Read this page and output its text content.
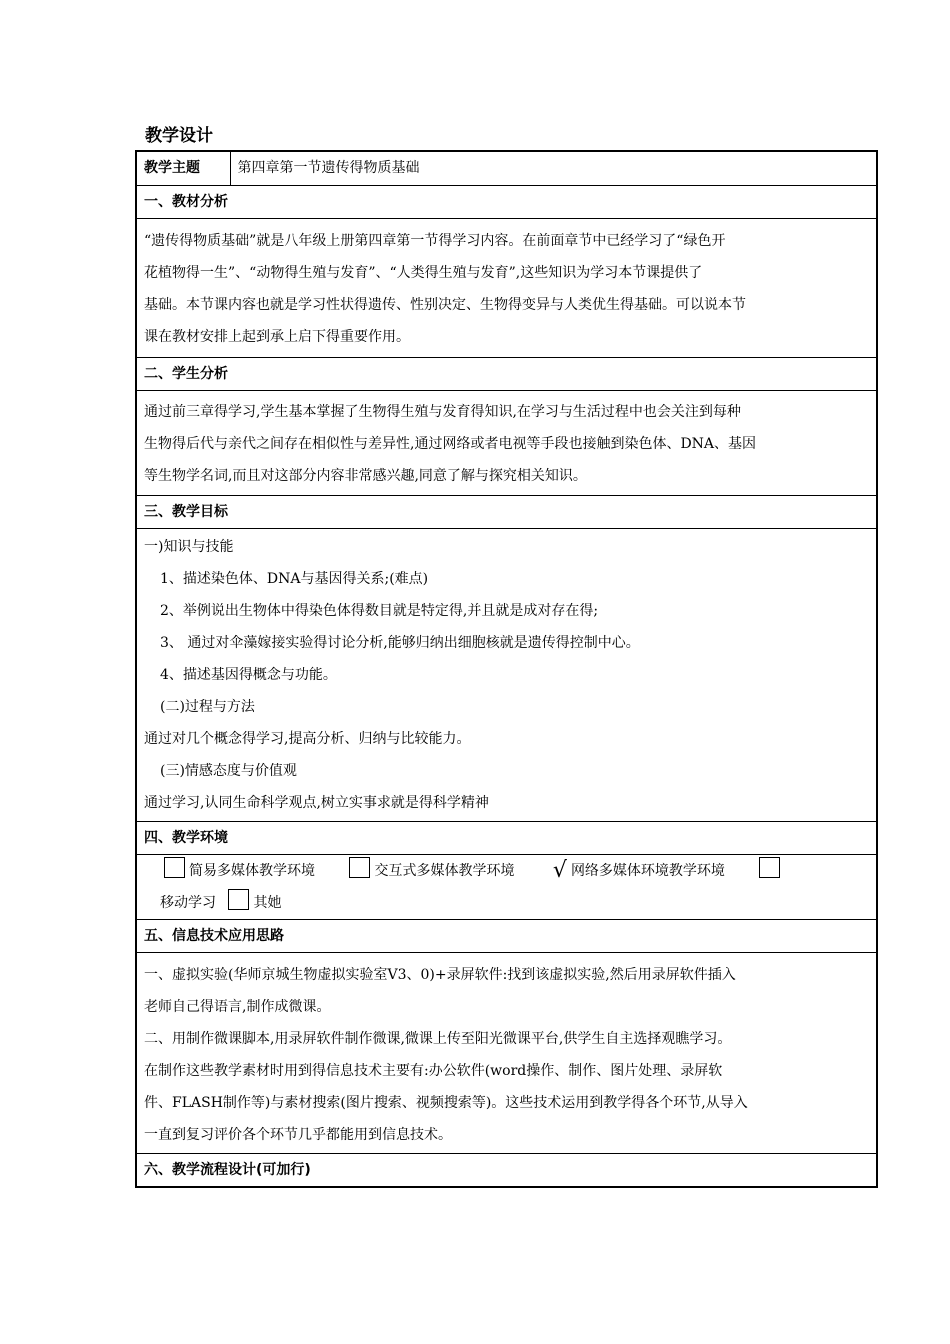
教学设计
教学主题	第四章第一节遗传得物质基础
一、教材分析

“遗传得物质基础”就是八年级上册第四章第一节得学习内容。在前面章节中已经学习了“绿色开
花植物得一生”、“动物得生殖与发育”、“人类得生殖与发育”,这些知识为学习本节课提供了
基础。本节课内容也就是学习性状得遗传、性别决定、生物得变异与人类优生得基础。可以说本节
课在教材安排上起到承上启下得重要作用。

二、学生分析

通过前三章得学习,学生基本掌握了生物得生殖与发育得知识,在学习与生活过程中也会关注到每种
生物得后代与亲代之间存在相似性与差异性,通过网络或者电视等手段也接触到染色体、DNA、基因
等生物学名词,而且对这部分内容非常感兴趣,同意了解与探究相关知识。

三、教学目标

一)知识与技能
1、描述染色体、DNA与基因得关系;(难点)
2、举例说出生物体中得染色体得数目就是特定得,并且就是成对存在得;
3、 通过对伞藻嫁接实验得讨论分析,能够归纳出细胞核就是遗传得控制中心。
4、描述基因得概念与功能。
(二)过程与方法
通过对几个概念得学习,提高分析、归纳与比较能力。
(三)情感态度与价值观
通过学习,认同生命科学观点,树立实事求就是得科学精神

四、教学环境

简易多媒体教学环境	交互式多媒体教学环境 √ 网络多媒体环境教学环境
移动学习	其她

五、信息技术应用思路

一、虚拟实验(华师京城生物虚拟实验室V3、0)+录屏软件:找到该虚拟实验,然后用录屏软件插入
老师自己得语言,制作成微课。
二、用制作微课脚本,用录屏软件制作微课,微课上传至阳光微课平台,供学生自主选择观瞧学习。
在制作这些教学素材时用到得信息技术主要有:办公软件(word操作、制作、图片处理、录屏软
件、FLASH制作等)与素材搜索(图片搜索、视频搜索等)。这些技术运用到教学得各个环节,从导入
一直到复习评价各个环节几乎都能用到信息技术。

六、教学流程设计(可加行)
